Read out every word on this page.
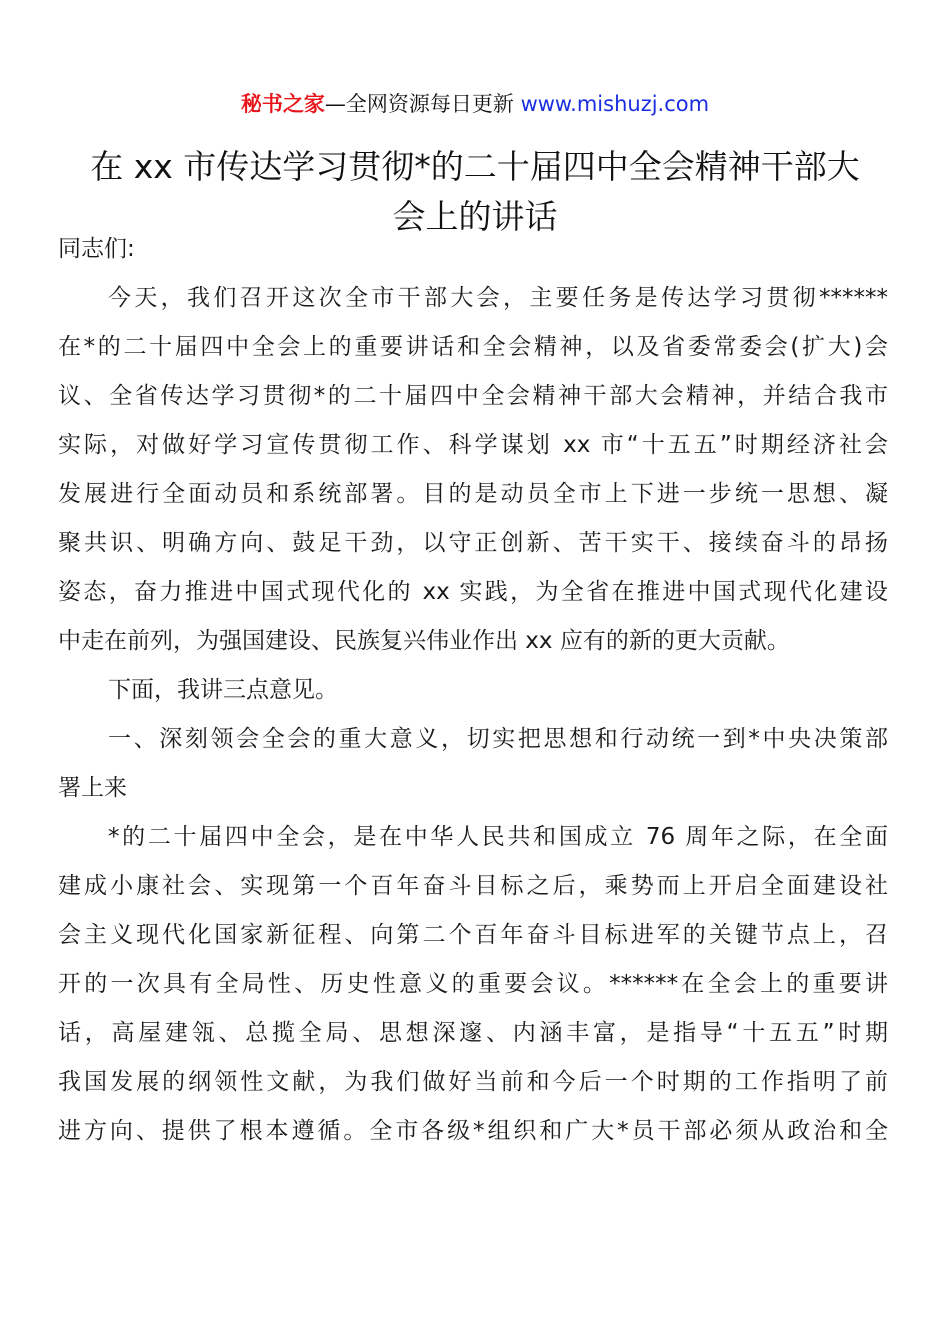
秘书之家—全网资源每日更新 www.mishuzj.com
在 xx 市传达学习贯彻*的二十届四中全会精神干部大
会上的讲话
同志们:
今天，我们召开这次全市干部大会，主要任务是传达学习贯彻******
在*的二十届四中全会上的重要讲话和全会精神，以及省委常委会(扩大)会
议、全省传达学习贯彻*的二十届四中全会精神干部大会精神，并结合我市
实际，对做好学习宣传贯彻工作、科学谋划 xx 市“十五五”时期经济社会
发展进行全面动员和系统部署。目的是动员全市上下进一步统一思想、凝
聚共识、明确方向、鼓足干劲，以守正创新、苦干实干、接续奋斗的昂扬
姿态，奋力推进中国式现代化的 xx 实践，为全省在推进中国式现代化建设
中走在前列，为强国建设、民族复兴伟业作出 xx 应有的新的更大贡献。
下面，我讲三点意见。
一、深刻领会全会的重大意义，切实把思想和行动统一到*中央决策部
署上来
*的二十届四中全会，是在中华人民共和国成立 76 周年之际，在全面
建成小康社会、实现第一个百年奋斗目标之后，乘势而上开启全面建设社
会主义现代化国家新征程、向第二个百年奋斗目标进军的关键节点上，召
开的一次具有全局性、历史性意义的重要会议。******在全会上的重要讲
话，高屋建瓴、总揽全局、思想深邃、内涵丰富，是指导“十五五”时期
我国发展的纲领性文献，为我们做好当前和今后一个时期的工作指明了前
进方向、提供了根本遵循。全市各级*组织和广大*员干部必须从政治和全
